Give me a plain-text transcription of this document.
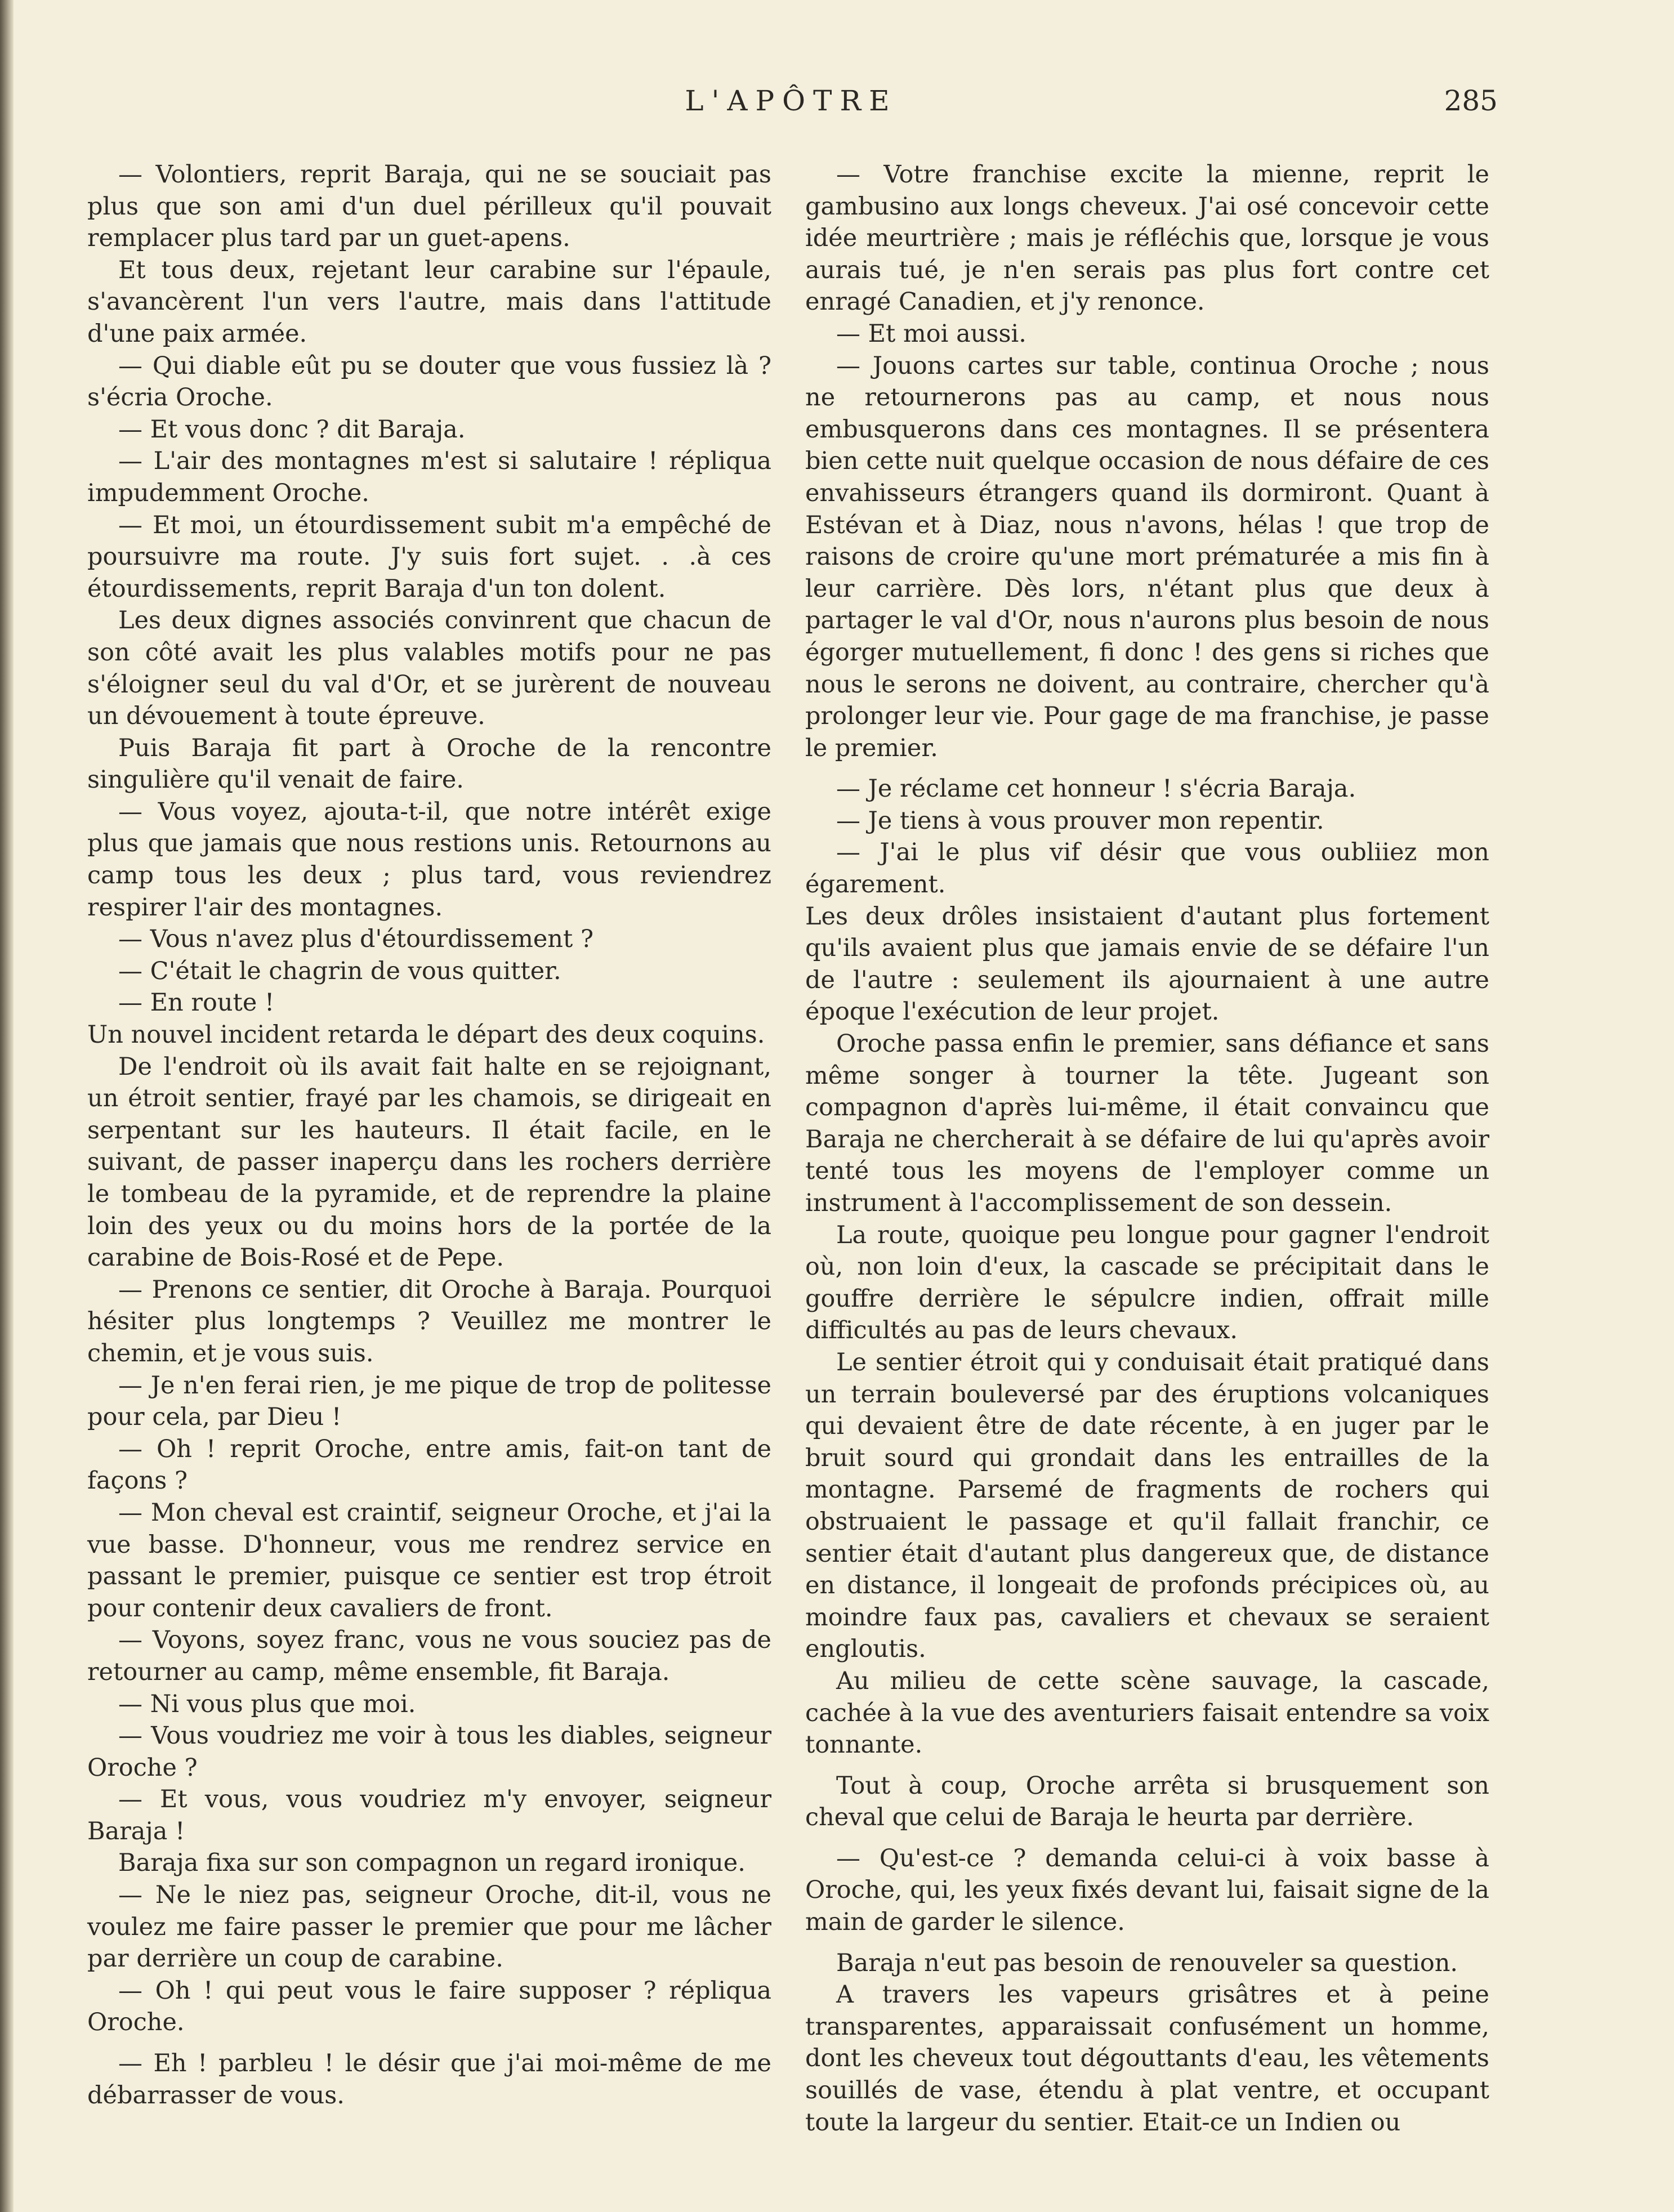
L'APÔTRE	285

— Volontiers, reprit Baraja, qui ne se souciait pas plus que son ami d'un duel périlleux qu'il pouvait remplacer plus tard par un guet-apens.

Et tous deux, rejetant leur carabine sur l'épaule, s'avancèrent l'un vers l'autre, mais dans l'attitude d'une paix armée.

— Qui diable eût pu se douter que vous fussiez là ? s'écria Oroche.

— Et vous donc ? dit Baraja.

— L'air des montagnes m'est si salutaire ! répliqua impudemment Oroche.

— Et moi, un étourdissement subit m'a empêché de poursuivre ma route. J'y suis fort sujet. . .à ces étourdissements, reprit Baraja d'un ton dolent.

Les deux dignes associés convinrent que chacun de son côté avait les plus valables motifs pour ne pas s'éloigner seul du val d'Or, et se jurèrent de nouveau un dévouement à toute épreuve.

Puis Baraja fit part à Oroche de la rencontre singulière qu'il venait de faire.

— Vous voyez, ajouta-t-il, que notre intérêt exige plus que jamais que nous restions unis. Retournons au camp tous les deux ; plus tard, vous reviendrez respirer l'air des montagnes.

— Vous n'avez plus d'étourdissement ?

— C'était le chagrin de vous quitter.

— En route !

Un nouvel incident retarda le départ des deux coquins.

De l'endroit où ils avait fait halte en se rejoignant, un étroit sentier, frayé par les chamois, se dirigeait en serpentant sur les hauteurs. Il était facile, en le suivant, de passer inaperçu dans les rochers derrière le tombeau de la pyramide, et de reprendre la plaine loin des yeux ou du moins hors de la portée de la carabine de Bois-Rosé et de Pepe.

— Prenons ce sentier, dit Oroche à Baraja. Pourquoi hésiter plus longtemps ? Veuillez me montrer le chemin, et je vous suis.

— Je n'en ferai rien, je me pique de trop de politesse pour cela, par Dieu !

— Oh ! reprit Oroche, entre amis, fait-on tant de façons ?

— Mon cheval est craintif, seigneur Oroche, et j'ai la vue basse. D'honneur, vous me rendrez service en passant le premier, puisque ce sentier est trop étroit pour contenir deux cavaliers de front.

— Voyons, soyez franc, vous ne vous souciez pas de retourner au camp, même ensemble, fit Baraja.

— Ni vous plus que moi.

— Vous voudriez me voir à tous les diables, seigneur Oroche ?

— Et vous, vous voudriez m'y envoyer, seigneur Baraja !

Baraja fixa sur son compagnon un regard ironique.

— Ne le niez pas, seigneur Oroche, dit-il, vous ne voulez me faire passer le premier que pour me lâcher par derrière un coup de carabine.

— Oh ! qui peut vous le faire supposer ? répliqua Oroche.

— Eh ! parbleu ! le désir que j'ai moi-même de me débarrasser de vous.

— Votre franchise excite la mienne, reprit le gambusino aux longs cheveux. J'ai osé concevoir cette idée meurtrière ; mais je réfléchis que, lorsque je vous aurais tué, je n'en serais pas plus fort contre cet enragé Canadien, et j'y renonce.

— Et moi aussi.

— Jouons cartes sur table, continua Oroche ; nous ne retournerons pas au camp, et nous nous embusquerons dans ces montagnes. Il se présentera bien cette nuit quelque occasion de nous défaire de ces envahisseurs étrangers quand ils dormiront. Quant à Estévan et à Diaz, nous n'avons, hélas ! que trop de raisons de croire qu'une mort prématurée a mis fin à leur carrière. Dès lors, n'étant plus que deux à partager le val d'Or, nous n'aurons plus besoin de nous égorger mutuellement, fi donc ! des gens si riches que nous le serons ne doivent, au contraire, chercher qu'à prolonger leur vie. Pour gage de ma franchise, je passe le premier.

— Je réclame cet honneur ! s'écria Baraja.

— Je tiens à vous prouver mon repentir.

— J'ai le plus vif désir que vous oubliiez mon égarement.

Les deux drôles insistaient d'autant plus fortement qu'ils avaient plus que jamais envie de se défaire l'un de l'autre : seulement ils ajournaient à une autre époque l'exécution de leur projet.

Oroche passa enfin le premier, sans défiance et sans même songer à tourner la tête. Jugeant son compagnon d'après lui-même, il était convaincu que Baraja ne chercherait à se défaire de lui qu'après avoir tenté tous les moyens de l'employer comme un instrument à l'accomplissement de son dessein.

La route, quoique peu longue pour gagner l'endroit où, non loin d'eux, la cascade se précipitait dans le gouffre derrière le sépulcre indien, offrait mille difficultés au pas de leurs chevaux.

Le sentier étroit qui y conduisait était pratiqué dans un terrain bouleversé par des éruptions volcaniques qui devaient être de date récente, à en juger par le bruit sourd qui grondait dans les entrailles de la montagne. Parsemé de fragments de rochers qui obstruaient le passage et qu'il fallait franchir, ce sentier était d'autant plus dangereux que, de distance en distance, il longeait de profonds précipices où, au moindre faux pas, cavaliers et chevaux se seraient engloutis.

Au milieu de cette scène sauvage, la cascade, cachée à la vue des aventuriers faisait entendre sa voix tonnante.

Tout à coup, Oroche arrêta si brusquement son cheval que celui de Baraja le heurta par derrière.

— Qu'est-ce ? demanda celui-ci à voix basse à Oroche, qui, les yeux fixés devant lui, faisait signe de la main de garder le silence.

Baraja n'eut pas besoin de renouveler sa question.

A travers les vapeurs grisâtres et à peine transparentes, apparaissait confusément un homme, dont les cheveux tout dégouttants d'eau, les vêtements souillés de vase, étendu à plat ventre, et occupant toute la largeur du sentier. Etait-ce un Indien ou
